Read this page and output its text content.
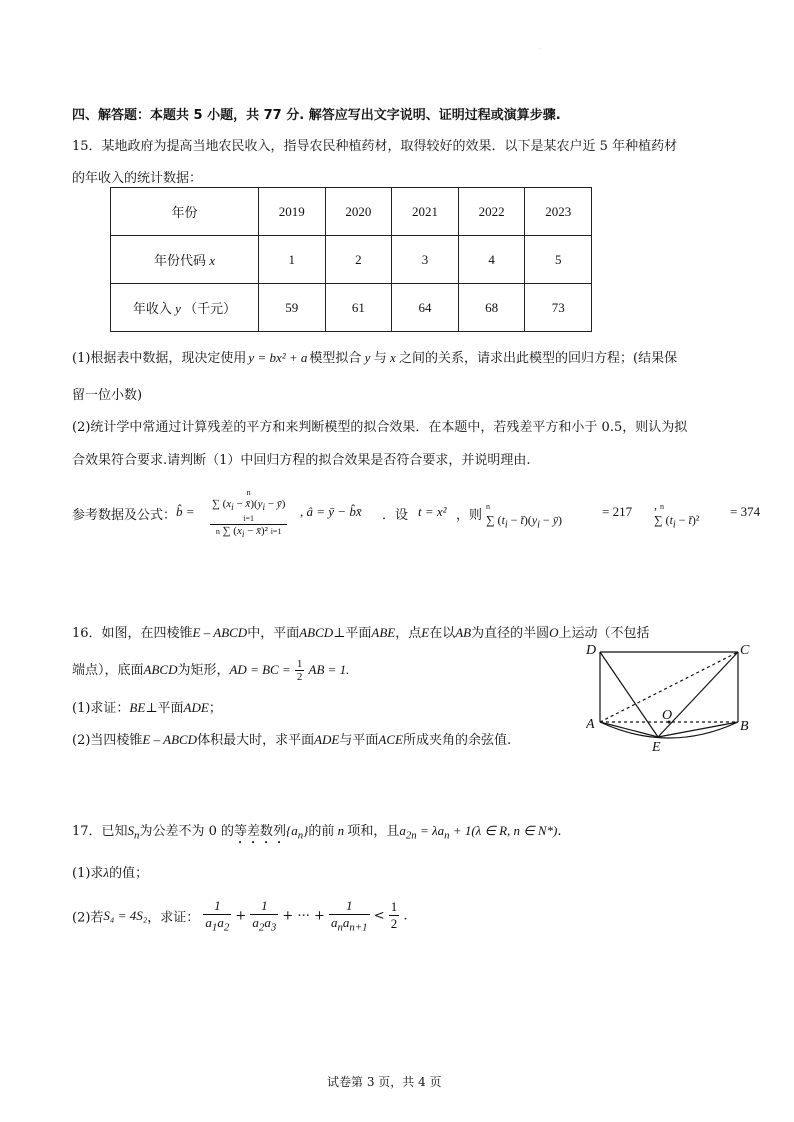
.
四、解答题：本题共 5 小题，共 77 分. 解答应写出文字说明、证明过程或演算步骤.
15．某地政府为提高当地农民收入，指导农民种植药材，取得较好的效果．以下是某农户近 5 年种植药材
的年收入的统计数据：
年份	2019	2020	2021	2022	2023
年份代码 x	1	2	3	4	5
年收入 y （千元）	59	61	64	68	73
(1)根据表中数据，现决定使用 y = bx² + a 模型拟合 y 与 x 之间的关系，请求出此模型的回归方程；(结果保
留一位小数)
(2)统计学中常通过计算残差的平方和来判断模型的拟合效果．在本题中，若残差平方和小于 0.5，则认为拟
合效果符合要求.请判断（1）中回归方程的拟合效果是否符合要求，并说明理由.
参考数据及公式： b̂ =
n
∑ ($x_i$ − $x̄)(y_i$ − ȳ)
i=1
n ∑ ($x_i$ − x̄)² i=1
, â = ȳ − b̂x̄ ．设 t = x² ，则
n
∑ ($t_i$ − $t̄)(y_i$ − ȳ)
= 217 , n
∑ ($t_i$ − t̄)²
= 374
16．如图，在四棱锥E – ABCD中，平面ABCD⊥平面ABE，点E在以AB为直径的半圆O上运动（不包括
端点），底面ABCD为矩形，AD = BC = $\frac{1}{2}$ AB = 1.
(1)求证：BE⊥平面ADE；
(2)当四棱锥E – ABCD体积最大时，求平面ADE与平面ACE所成夹角的余弦值.
D	C
A	B
O
E
17．已知$S_n$为公差不为 0 的等差数列$\{a_n\}$的前 n 项和，且$a_{2n} = \lambda a_n + 1(\lambda$ ∈ R, n ∈ N*).
(1)求λ的值；
(2)若S₄ = 4S₂，求证： $\frac{1}{a_1a_2} + \frac{1}{a_2a_3}$ + ··· + $\frac{1}{a_na_{n+1}} < \frac{1}{2}$ .
试卷第 3 页，共 4 页
